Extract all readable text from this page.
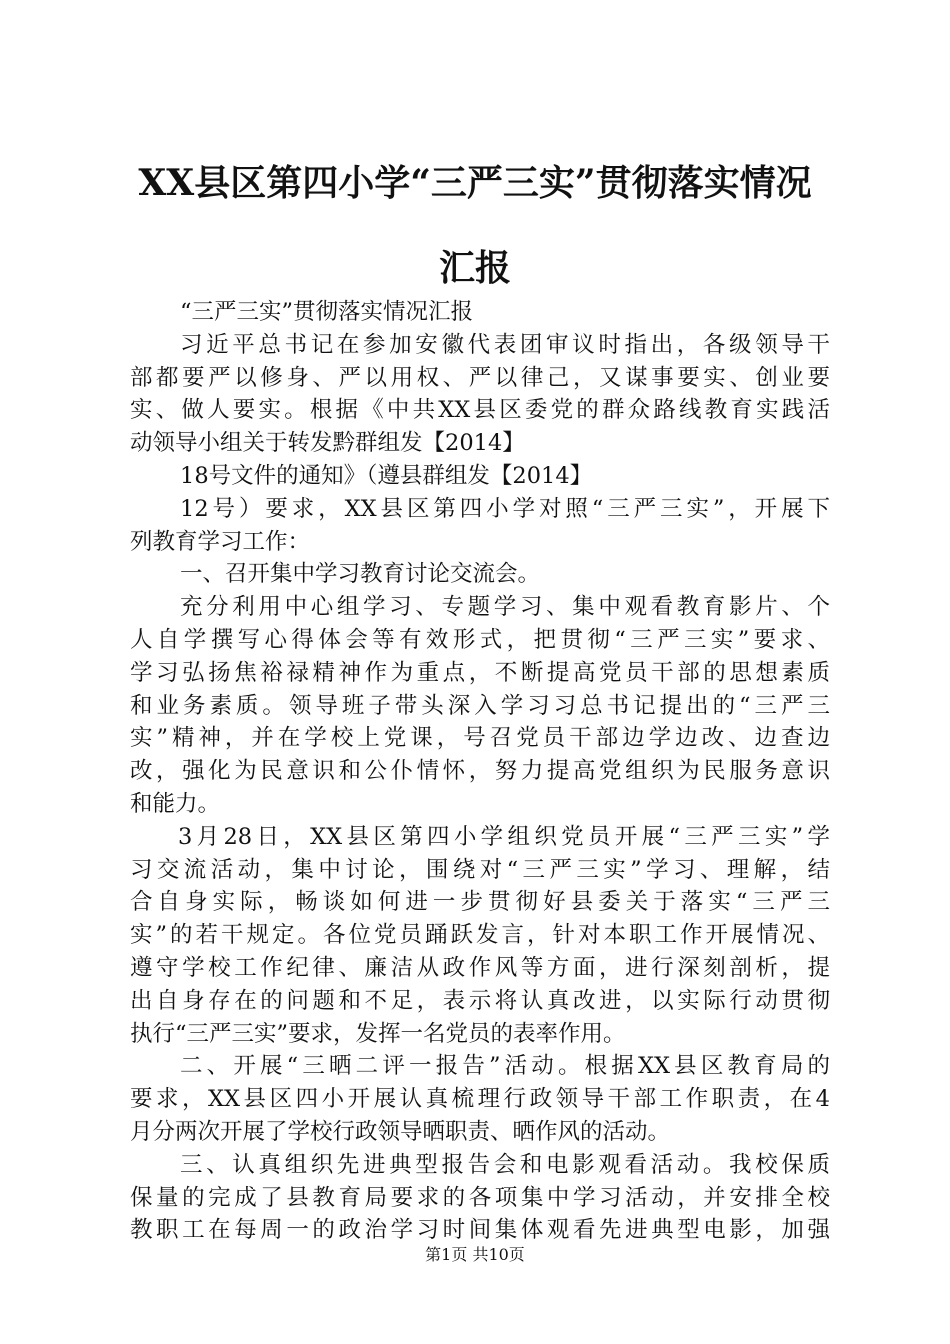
XX县区第四小学“三严三实”贯彻落实情况
汇报
“三严三实”贯彻落实情况汇报
习近平总书记在参加安徽代表团审议时指出，各级领导干
部都要严以修身、严以用权、严以律己，又谋事要实、创业要
实、做人要实。根据《中共XX县区委党的群众路线教育实践活
动领导小组关于转发黔群组发【2014】
18号文件的通知》（遵县群组发【2014】
12号）要求，XX县区第四小学对照“三严三实”，开展下
列教育学习工作：
一、召开集中学习教育讨论交流会。
充分利用中心组学习、专题学习、集中观看教育影片、个
人自学撰写心得体会等有效形式，把贯彻“三严三实”要求、
学习弘扬焦裕禄精神作为重点，不断提高党员干部的思想素质
和业务素质。领导班子带头深入学习习总书记提出的“三严三
实”精神，并在学校上党课，号召党员干部边学边改、边查边
改，强化为民意识和公仆情怀，努力提高党组织为民服务意识
和能力。
3月28日，XX县区第四小学组织党员开展“三严三实”学
习交流活动，集中讨论，围绕对“三严三实”学习、理解，结
合自身实际，畅谈如何进一步贯彻好县委关于落实“三严三
实”的若干规定。各位党员踊跃发言，针对本职工作开展情况、
遵守学校工作纪律、廉洁从政作风等方面，进行深刻剖析，提
出自身存在的问题和不足，表示将认真改进，以实际行动贯彻
执行“三严三实”要求，发挥一名党员的表率作用。
二、开展“三晒二评一报告”活动。根据XX县区教育局的
要求，XX县区四小开展认真梳理行政领导干部工作职责，在4
月分两次开展了学校行政领导晒职责、晒作风的活动。
三、认真组织先进典型报告会和电影观看活动。我校保质
保量的完成了县教育局要求的各项集中学习活动，并安排全校
教职工在每周一的政治学习时间集体观看先进典型电影，加强
第1页 共10页
